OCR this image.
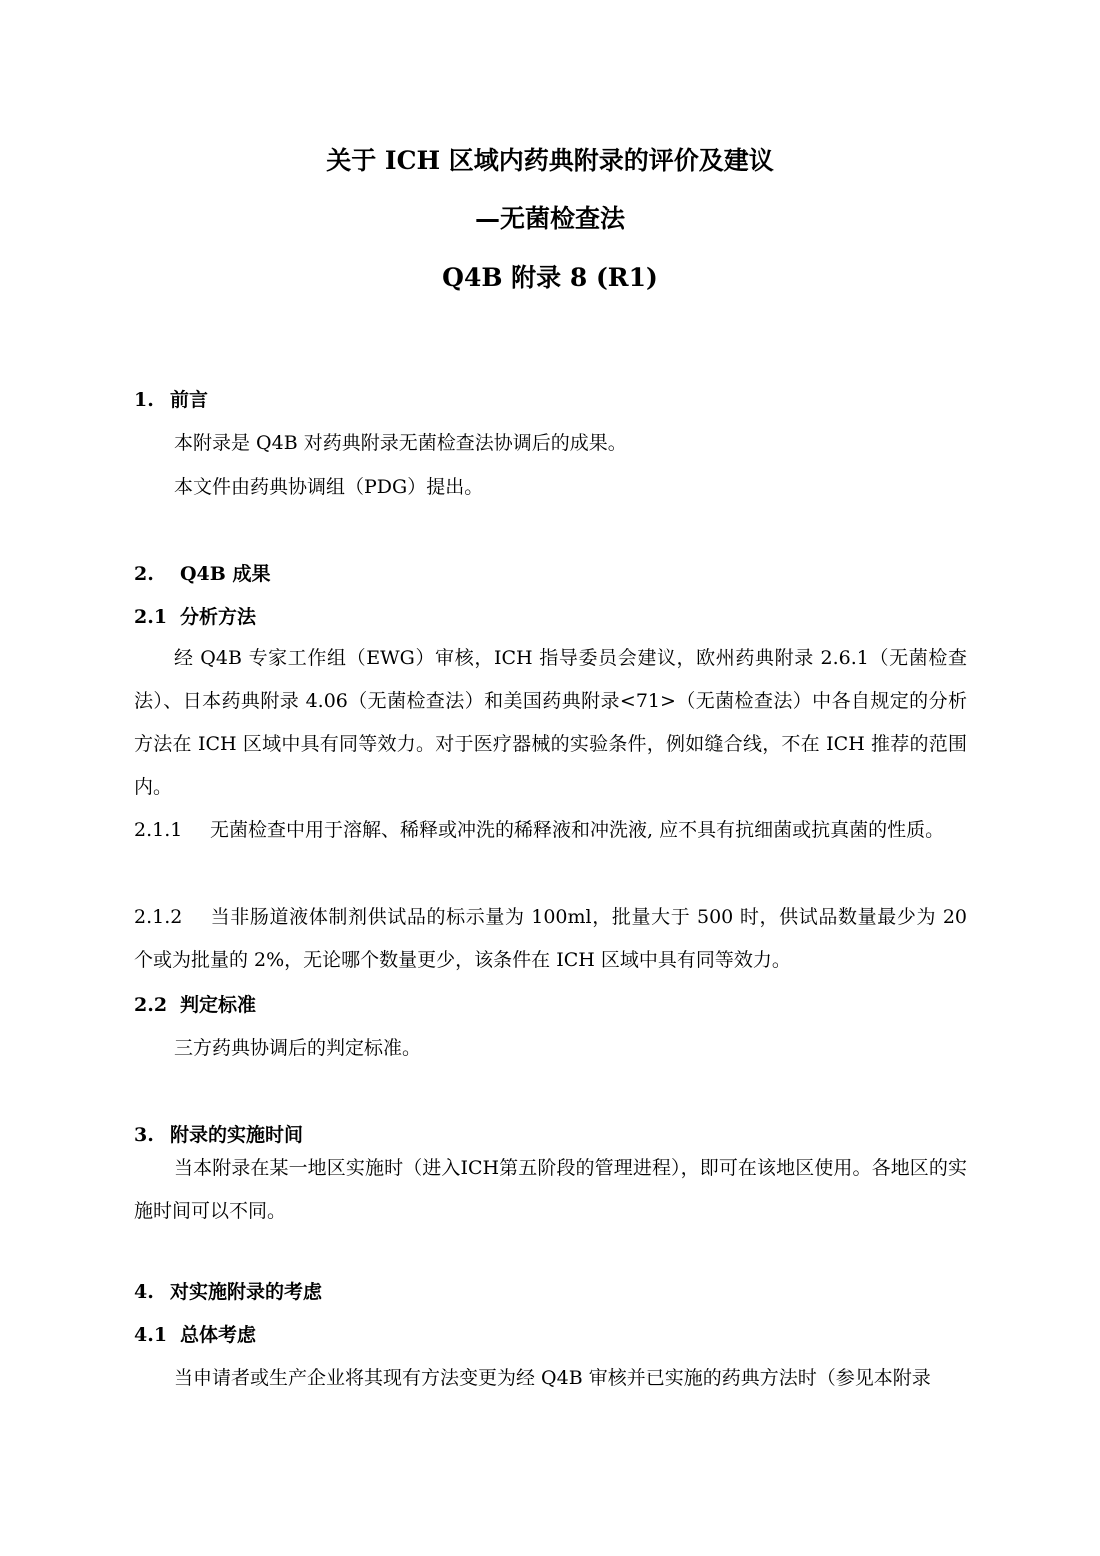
关于 ICH 区域内药典附录的评价及建议
—无菌检查法
Q4B 附录 8 (R1)
1. 前言

本附录是 Q4B 对药典附录无菌检查法协调后的成果。

本文件由药典协调组（PDG）提出。

2. Q4B 成果
2.1 分析方法

经 Q4B 专家工作组（EWG）审核，ICH 指导委员会建议，欧州药典附录 2.6.1（无菌检查法）、日本药典附录 4.06（无菌检查法）和美国药典附录<71>（无菌检查法）中各自规定的分析方法在 ICH 区域中具有同等效力。对于医疗器械的实验条件，例如缝合线，不在 ICH 推荐的范围内。

2.1.1 无菌检查中用于溶解、稀释或冲洗的稀释液和冲洗液, 应不具有抗细菌或抗真菌的性质。

2.1.2 当非肠道液体制剂供试品的标示量为 100ml，批量大于 500 时，供试品数量最少为 20 个或为批量的 2%，无论哪个数量更少，该条件在 ICH 区域中具有同等效力。

2.2 判定标准

三方药典协调后的判定标准。

3. 附录的实施时间

当本附录在某一地区实施时（进入ICH第五阶段的管理进程），即可在该地区使用。各地区的实施时间可以不同。

4. 对实施附录的考虑
4.1 总体考虑

当申请者或生产企业将其现有方法变更为经 Q4B 审核并已实施的药典方法时（参见本附录
